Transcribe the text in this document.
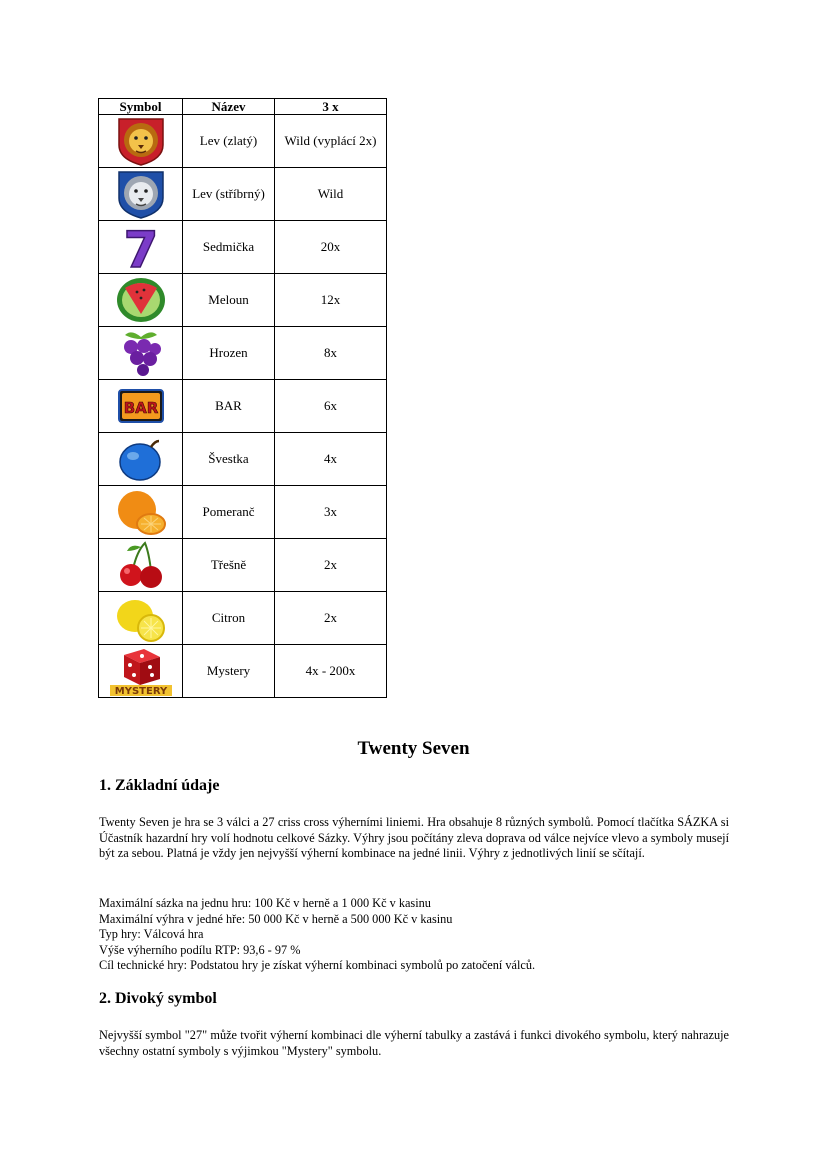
Symbol	Název	3 x

	Lev (zlatý)	Wild (vyplácí 2x)

	Lev (stříbrný)	Wild

7	Sedmička	20x

	Meloun	12x

	Hrozen	8x

BAR	BAR	6x

	Švestka	4x

	Pomeranč	3x

	Třešně	2x

	Citron	2x

MYSTERY	Mystery	4x - 200x
Twenty Seven
1. Základní údaje

Twenty Seven je hra se 3 válci a 27 criss cross výherními liniemi. Hra obsahuje 8 různých symbolů. Pomocí tlačítka SÁZKA si Účastník hazardní hry volí hodnotu celkové Sázky. Výhry jsou počítány zleva doprava od válce nejvíce vlevo a symboly musejí být za sebou. Platná je vždy jen nejvyšší výherní kombinace na jedné linii. Výhry z jednotlivých linií se sčítají.

Maximální sázka na jednu hru: 100 Kč v herně a 1 000 Kč v kasinu
Maximální výhra v jedné hře: 50 000 Kč v herně a 500 000 Kč v kasinu
Typ hry: Válcová hra
Výše výherního podílu RTP: 93,6 - 97 %
Cíl technické hry: Podstatou hry je získat výherní kombinaci symbolů po zatočení válců.
2. Divoký symbol

Nejvyšší symbol "27" může tvořit výherní kombinaci dle výherní tabulky a zastává i funkci divokého symbolu, který nahrazuje všechny ostatní symboly s výjimkou "Mystery" symbolu.
